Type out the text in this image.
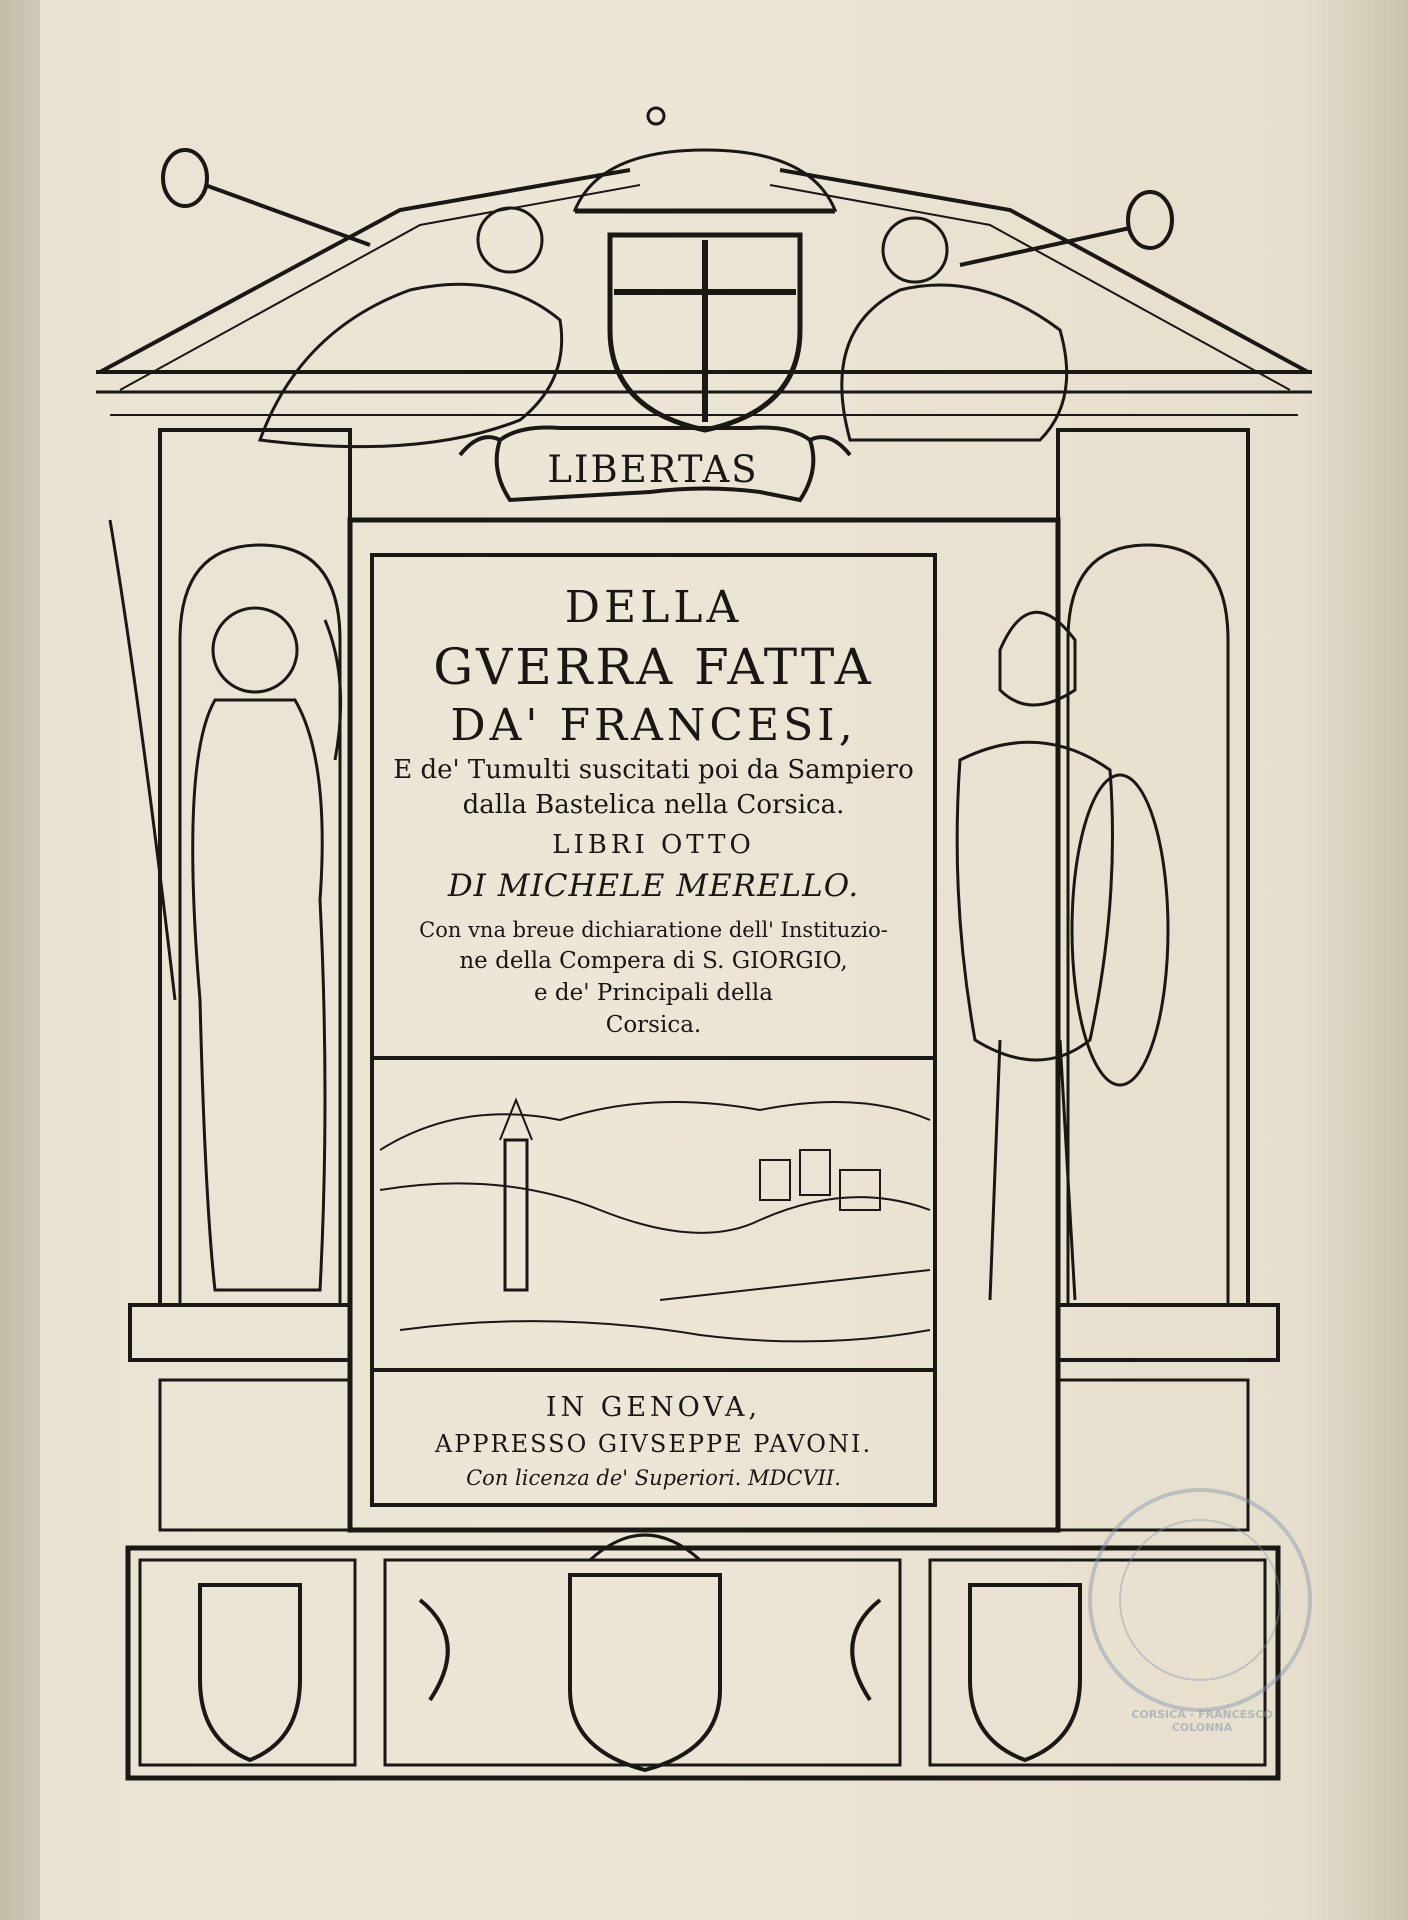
LIBERTAS
DELLA
GVERRA FATTA
DA' FRANCESI,
E de' Tumulti suscitati poi da Sampiero
dalla Bastelica nella Corsica.
LIBRI OTTO
DI MICHELE MERELLO.
Con vna breue dichiaratione dell' Instituzio-
ne della Compera di S. GIORGIO,
e de' Principali della
Corsica.
IN GENOVA,
APPRESSO GIVSEPPE PAVONI.
Con licenza de' Superiori. MDCVII.
CORSICA - FRANCESCO COLONNA
